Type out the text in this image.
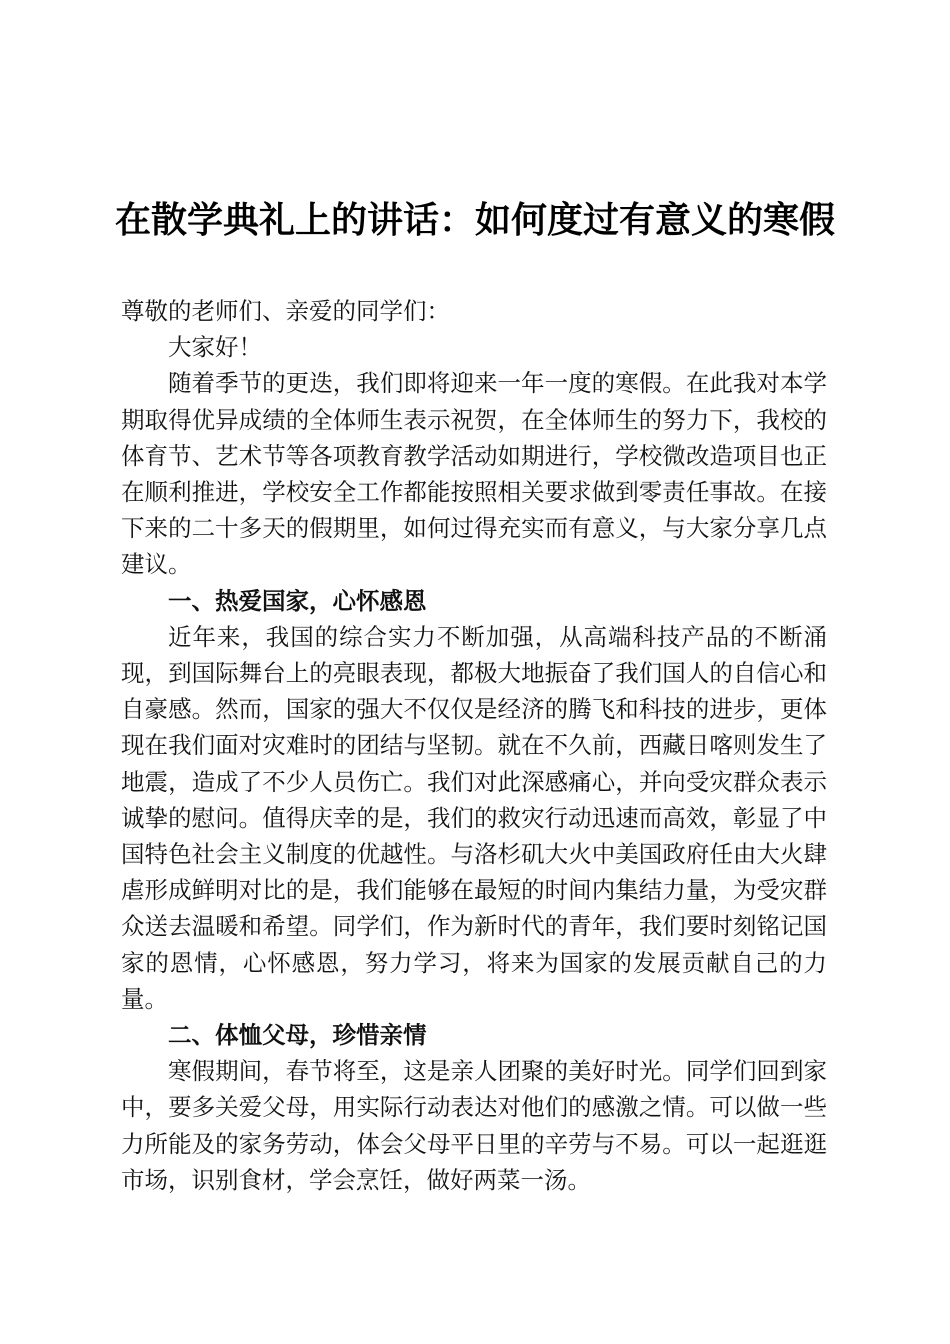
在散学典礼上的讲话：如何度过有意义的寒假

尊敬的老师们、亲爱的同学们：

大家好！

随着季节的更迭，我们即将迎来一年一度的寒假。在此我对本学期取得优异成绩的全体师生表示祝贺，在全体师生的努力下，我校的体育节、艺术节等各项教育教学活动如期进行，学校微改造项目也正在顺利推进，学校安全工作都能按照相关要求做到零责任事故。在接下来的二十多天的假期里，如何过得充实而有意义，与大家分享几点建议。

一、热爱国家，心怀感恩

近年来，我国的综合实力不断加强，从高端科技产品的不断涌现，到国际舞台上的亮眼表现，都极大地振奋了我们国人的自信心和自豪感。然而，国家的强大不仅仅是经济的腾飞和科技的进步，更体现在我们面对灾难时的团结与坚韧。就在不久前，西藏日喀则发生了地震，造成了不少人员伤亡。我们对此深感痛心，并向受灾群众表示诚挚的慰问。值得庆幸的是，我们的救灾行动迅速而高效，彰显了中国特色社会主义制度的优越性。与洛杉矶大火中美国政府任由大火肆虐形成鲜明对比的是，我们能够在最短的时间内集结力量，为受灾群众送去温暖和希望。同学们，作为新时代的青年，我们要时刻铭记国家的恩情，心怀感恩，努力学习，将来为国家的发展贡献自己的力量。

二、体恤父母，珍惜亲情

寒假期间，春节将至，这是亲人团聚的美好时光。同学们回到家中，要多关爱父母，用实际行动表达对他们的感激之情。可以做一些力所能及的家务劳动，体会父母平日里的辛劳与不易。可以一起逛逛市场，识别食材，学会烹饪，做好两菜一汤。
